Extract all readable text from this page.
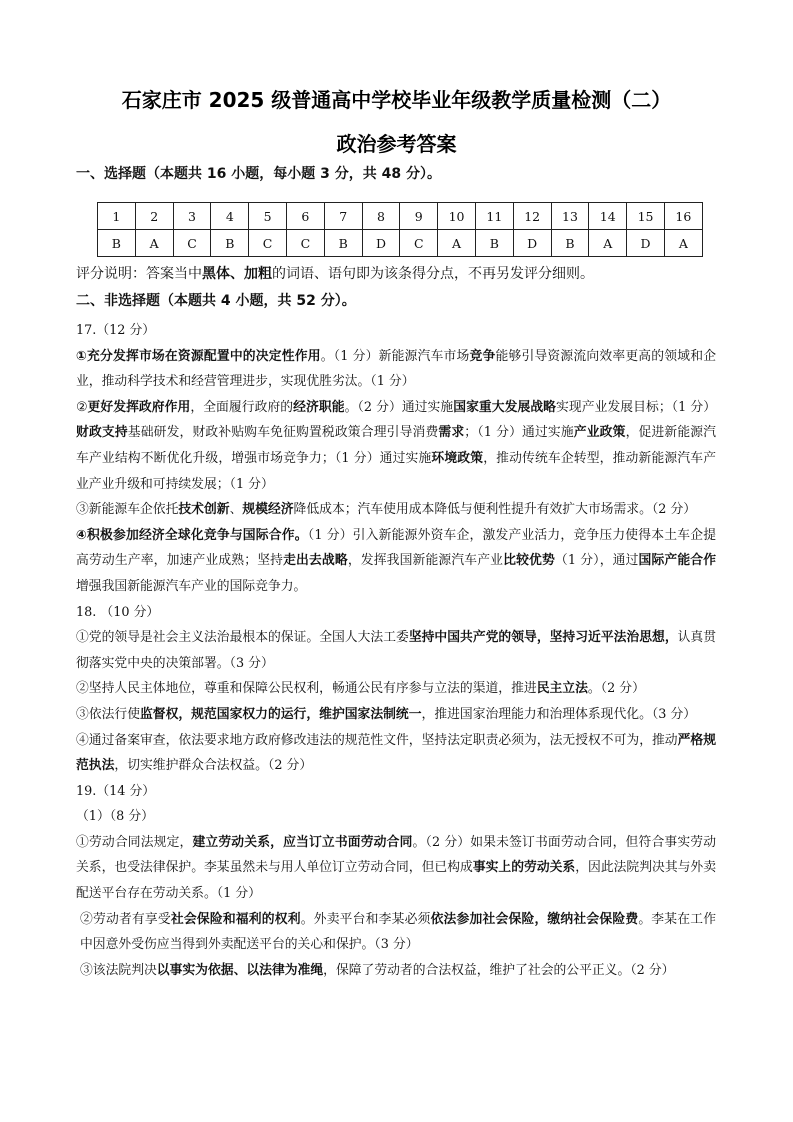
石家庄市 2025 级普通高中学校毕业年级教学质量检测（二）
政治参考答案
一、选择题（本题共 16 小题，每小题 3 分，共 48 分）。
1	2	3	4	5	6	7	8	9	10	11	12	13	14	15	16
B	A	C	B	C	C	B	D	C	A	B	D	B	A	D	A
评分说明：答案当中黑体、加粗的词语、语句即为该条得分点，不再另发评分细则。
二、非选择题（本题共 4 小题，共 52 分）。

17.（12 分）

①充分发挥市场在资源配置中的决定性作用。（1 分）新能源汽车市场竞争能够引导资源流向效率更高的领域和企业，推动科学技术和经营管理进步，实现优胜劣汰。（1 分）

②更好发挥政府作用，全面履行政府的经济职能。（2 分）通过实施国家重大发展战略实现产业发展目标；（1 分）财政支持基础研发，财政补贴购车免征购置税政策合理引导消费需求；（1 分）通过实施产业政策，促进新能源汽车产业结构不断优化升级，增强市场竞争力；（1 分）通过实施环境政策，推动传统车企转型，推动新能源汽车产业产业升级和可持续发展；（1 分）

③新能源车企依托技术创新、规模经济降低成本；汽车使用成本降低与便利性提升有效扩大市场需求。（2 分）

④积极参加经济全球化竞争与国际合作。（1 分）引入新能源外资车企，激发产业活力，竞争压力使得本土车企提高劳动生产率，加速产业成熟；坚持走出去战略，发挥我国新能源汽车产业比较优势（1 分），通过国际产能合作增强我国新能源汽车产业的国际竞争力。

18. （10 分）

①党的领导是社会主义法治最根本的保证。全国人大法工委坚持中国共产党的领导，坚持习近平法治思想，认真贯彻落实党中央的决策部署。（3 分）

②坚持人民主体地位，尊重和保障公民权利，畅通公民有序参与立法的渠道，推进民主立法。（2 分）

③依法行使监督权，规范国家权力的运行，维护国家法制统一，推进国家治理能力和治理体系现代化。（3 分）

④通过备案审查，依法要求地方政府修改违法的规范性文件，坚持法定职责必须为，法无授权不可为，推动严格规范执法，切实维护群众合法权益。（2 分）

19.（14 分）

（1）（8 分）

①劳动合同法规定，建立劳动关系，应当订立书面劳动合同。（2 分）如果未签订书面劳动合同，但符合事实劳动关系，也受法律保护。李某虽然未与用人单位订立劳动合同，但已构成事实上的劳动关系，因此法院判决其与外卖配送平台存在劳动关系。（1 分）

②劳动者有享受社会保险和福利的权利。外卖平台和李某必须依法参加社会保险，缴纳社会保险费。李某在工作中因意外受伤应当得到外卖配送平台的关心和保护。（3 分）

③该法院判决以事实为依据、以法律为准绳，保障了劳动者的合法权益，维护了社会的公平正义。（2 分）
